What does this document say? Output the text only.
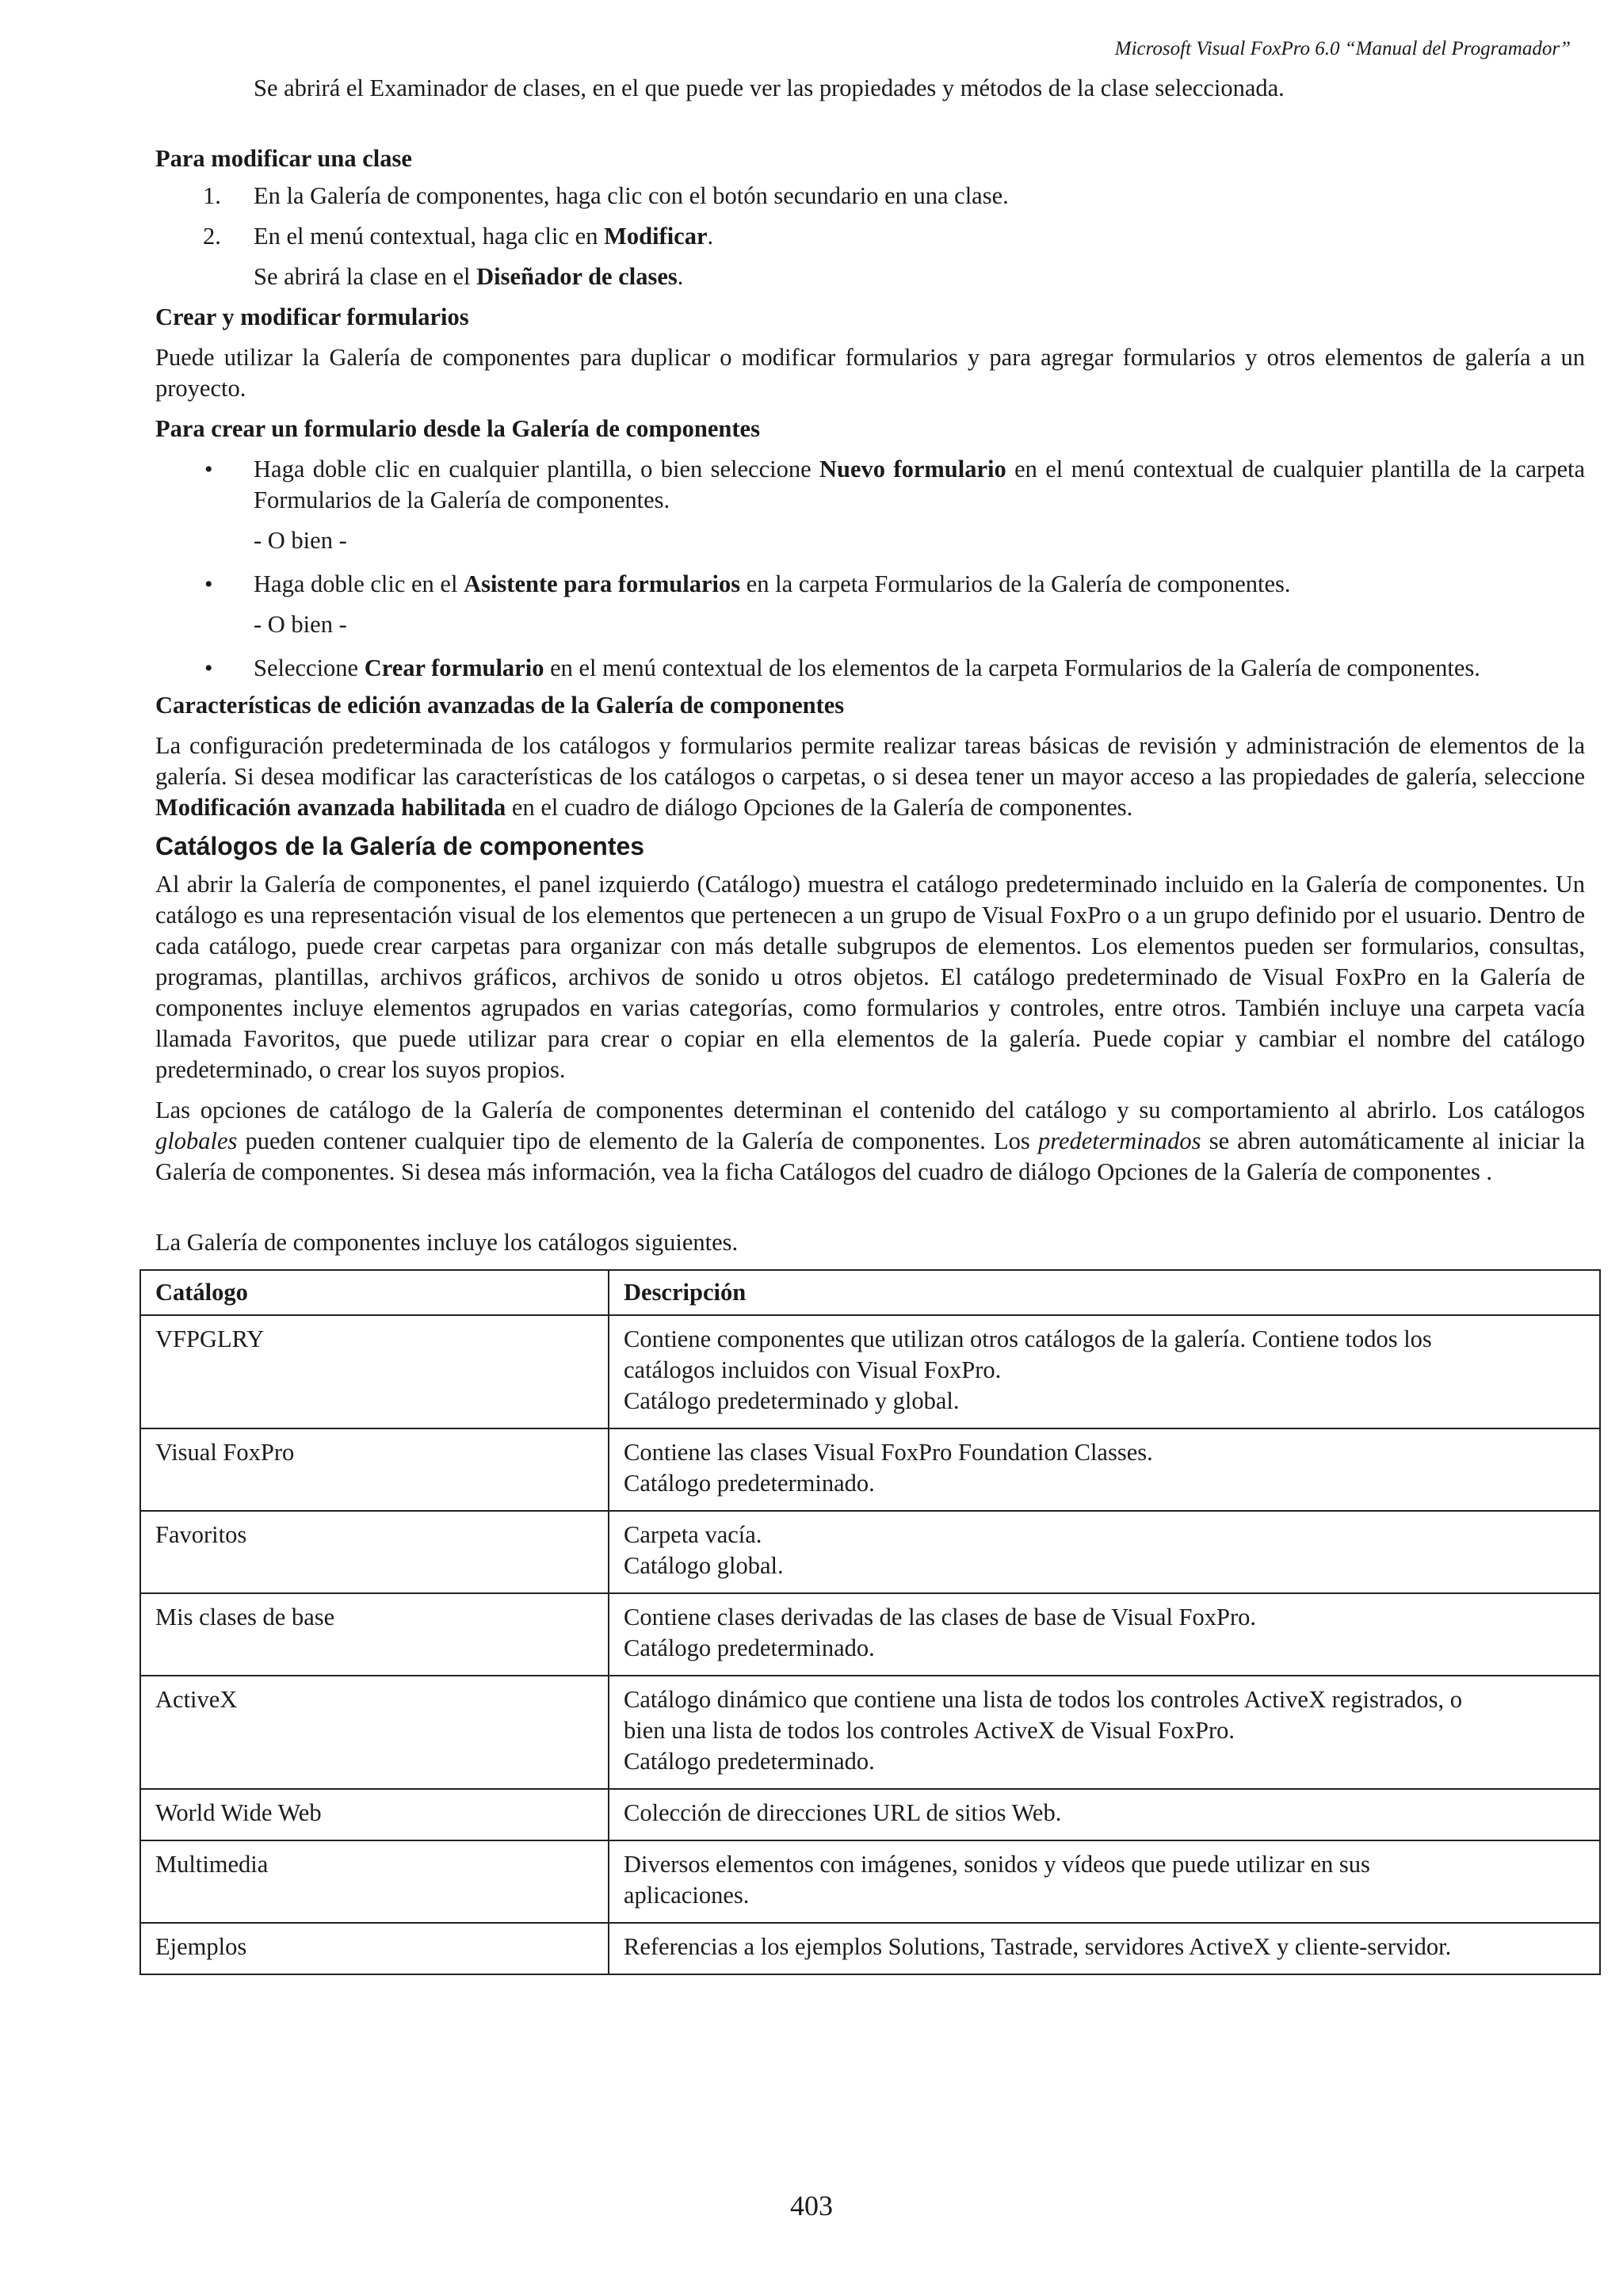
Microsoft Visual FoxPro 6.0 “Manual del Programador”

Se abrirá el Examinador de clases, en el que puede ver las propiedades y métodos de la clase seleccionada.

Para modificar una clase

1.	En la Galería de componentes, haga clic con el botón secundario en una clase.
2.	En el menú contextual, haga clic en Modificar.

Se abrirá la clase en el Diseñador de clases.

Crear y modificar formularios

Puede utilizar la Galería de componentes para duplicar o modificar formularios y para agregar formularios y otros elementos de galería a un proyecto.

Para crear un formulario desde la Galería de componentes

• Haga doble clic en cualquier plantilla, o bien seleccione Nuevo formulario en el menú contextual de cualquier plantilla de la carpeta Formularios de la Galería de componentes.

- O bien -

• Haga doble clic en el Asistente para formularios en la carpeta Formularios de la Galería de componentes.

- O bien -

• Seleccione Crear formulario en el menú contextual de los elementos de la carpeta Formularios de la Galería de componentes.

Características de edición avanzadas de la Galería de componentes

La configuración predeterminada de los catálogos y formularios permite realizar tareas básicas de revisión y administración de elementos de la galería. Si desea modificar las características de los catálogos o carpetas, o si desea tener un mayor acceso a las propiedades de galería, seleccione Modificación avanzada habilitada en el cuadro de diálogo Opciones de la Galería de componentes.

Catálogos de la Galería de componentes

Al abrir la Galería de componentes, el panel izquierdo (Catálogo) muestra el catálogo predeterminado incluido en la Galería de componentes. Un catálogo es una representación visual de los elementos que pertenecen a un grupo de Visual FoxPro o a un grupo definido por el usuario. Dentro de cada catálogo, puede crear carpetas para organizar con más detalle subgrupos de elementos. Los elementos pueden ser formularios, consultas, programas, plantillas, archivos gráficos, archivos de sonido u otros objetos. El catálogo predeterminado de Visual FoxPro en la Galería de componentes incluye elementos agrupados en varias categorías, como formularios y controles, entre otros. También incluye una carpeta vacía llamada Favoritos, que puede utilizar para crear o copiar en ella elementos de la galería. Puede copiar y cambiar el nombre del catálogo predeterminado, o crear los suyos propios.

Las opciones de catálogo de la Galería de componentes determinan el contenido del catálogo y su comportamiento al abrirlo. Los catálogos globales pueden contener cualquier tipo de elemento de la Galería de componentes. Los predeterminados se abren automáticamente al iniciar la Galería de componentes. Si desea más información, vea la ficha Catálogos del cuadro de diálogo Opciones de la Galería de componentes .

La Galería de componentes incluye los catálogos siguientes.

Catálogo	Descripción
VFPGLRY	Contiene componentes que utilizan otros catálogos de la galería. Contiene todos los
catálogos incluidos con Visual FoxPro.
Catálogo predeterminado y global.

Visual FoxPro	Contiene las clases Visual FoxPro Foundation Classes.
Catálogo predeterminado.

Favoritos	Carpeta vacía.
Catálogo global.

Mis clases de base	Contiene clases derivadas de las clases de base de Visual FoxPro.
Catálogo predeterminado.

ActiveX	Catálogo dinámico que contiene una lista de todos los controles ActiveX registrados, o
bien una lista de todos los controles ActiveX de Visual FoxPro.
Catálogo predeterminado.

World Wide Web	Colección de direcciones URL de sitios Web.

Multimedia	Diversos elementos con imágenes, sonidos y vídeos que puede utilizar en sus
aplicaciones.

Ejemplos	Referencias a los ejemplos Solutions, Tastrade, servidores ActiveX y cliente-servidor.
403
